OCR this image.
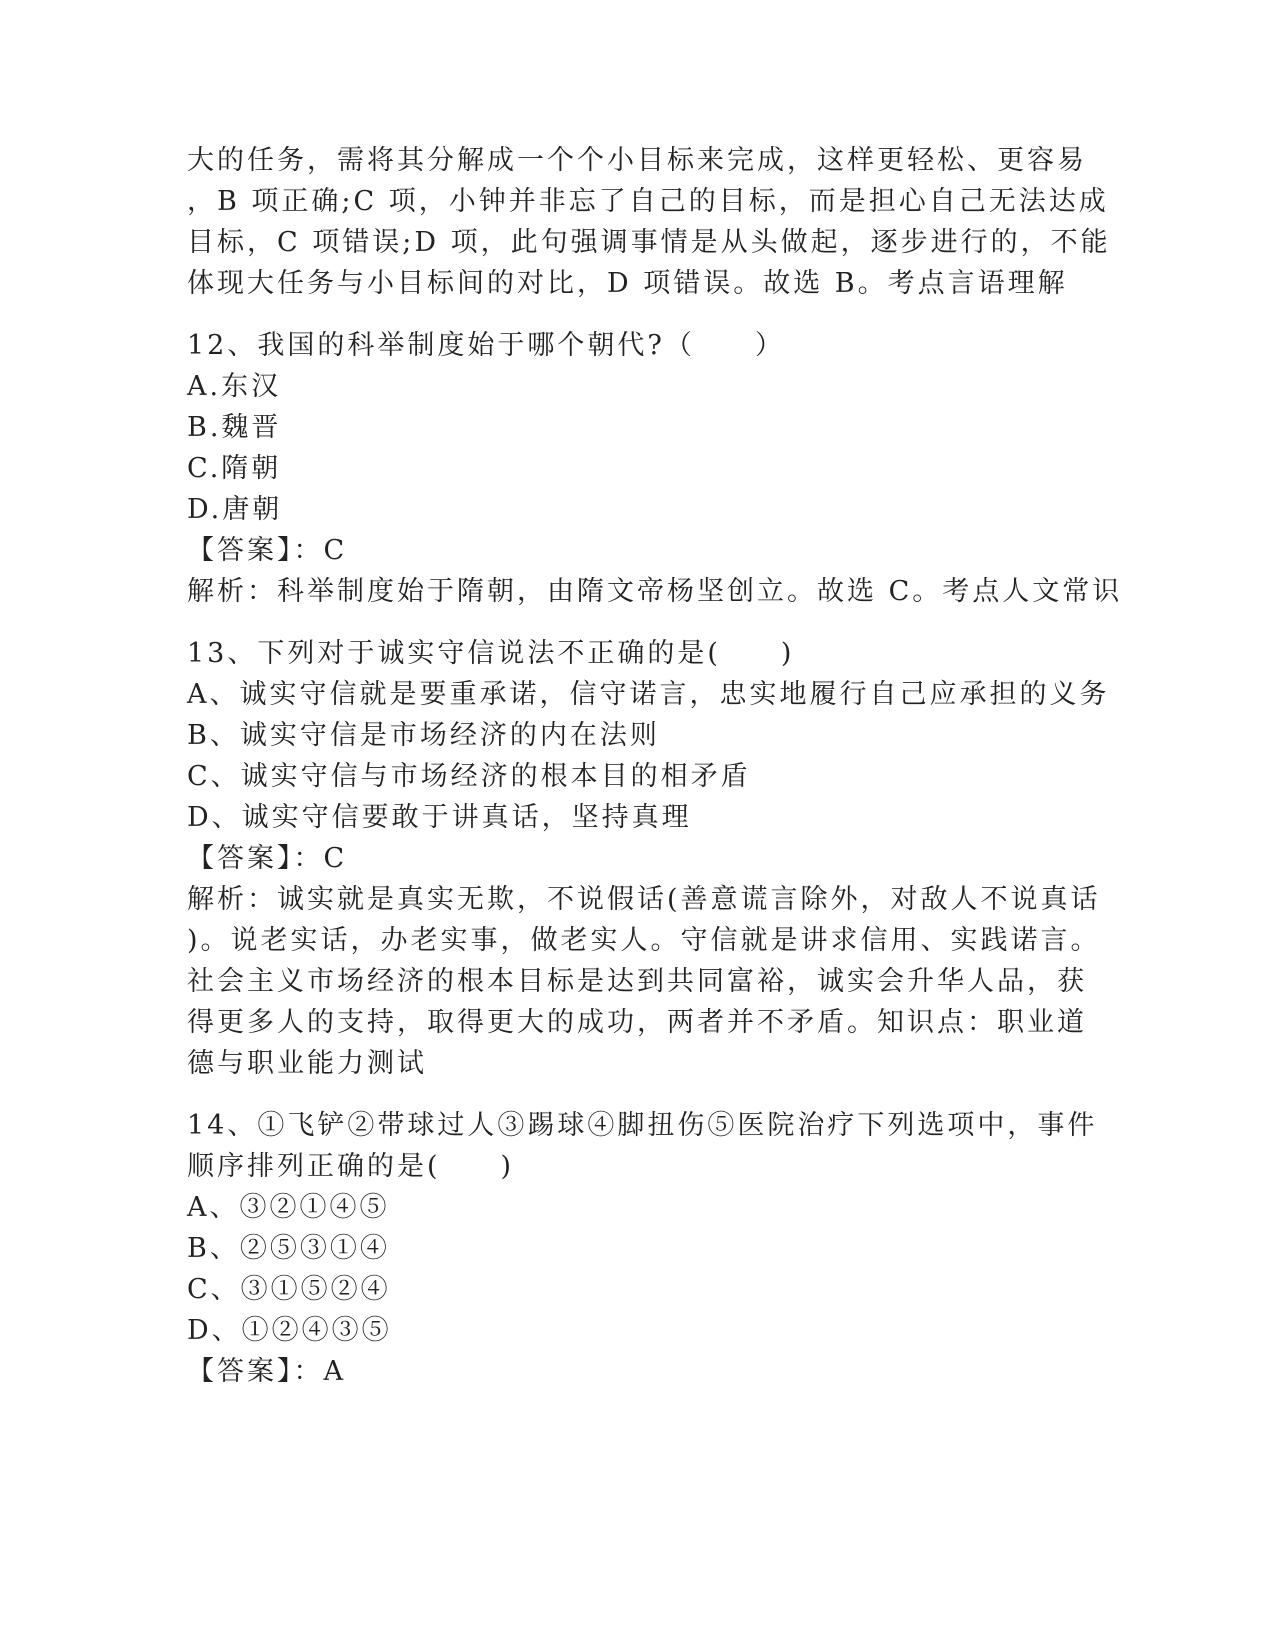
大的任务，需将其分解成一个个小目标来完成，这样更轻松、更容易
，B 项正确;C 项，小钟并非忘了自己的目标，而是担心自己无法达成
目标，C 项错误;D 项，此句强调事情是从头做起，逐步进行的，不能
体现大任务与小目标间的对比，D 项错误。故选 B。考点言语理解
12、我国的科举制度始于哪个朝代?（　　）
A.东汉
B.魏晋
C.隋朝
D.唐朝
【答案】：C
解析：科举制度始于隋朝，由隋文帝杨坚创立。故选 C。考点人文常识
13、下列对于诚实守信说法不正确的是(　　)
A、诚实守信就是要重承诺，信守诺言，忠实地履行自己应承担的义务
B、诚实守信是市场经济的内在法则
C、诚实守信与市场经济的根本目的相矛盾
D、诚实守信要敢于讲真话，坚持真理
【答案】：C
解析：诚实就是真实无欺，不说假话(善意谎言除外，对敌人不说真话
)。说老实话，办老实事，做老实人。守信就是讲求信用、实践诺言。
社会主义市场经济的根本目标是达到共同富裕，诚实会升华人品，获
得更多人的支持，取得更大的成功，两者并不矛盾。知识点：职业道
德与职业能力测试
14、①飞铲②带球过人③踢球④脚扭伤⑤医院治疗下列选项中，事件
顺序排列正确的是(　　)
A、③②①④⑤
B、②⑤③①④
C、③①⑤②④
D、①②④③⑤
【答案】：A
